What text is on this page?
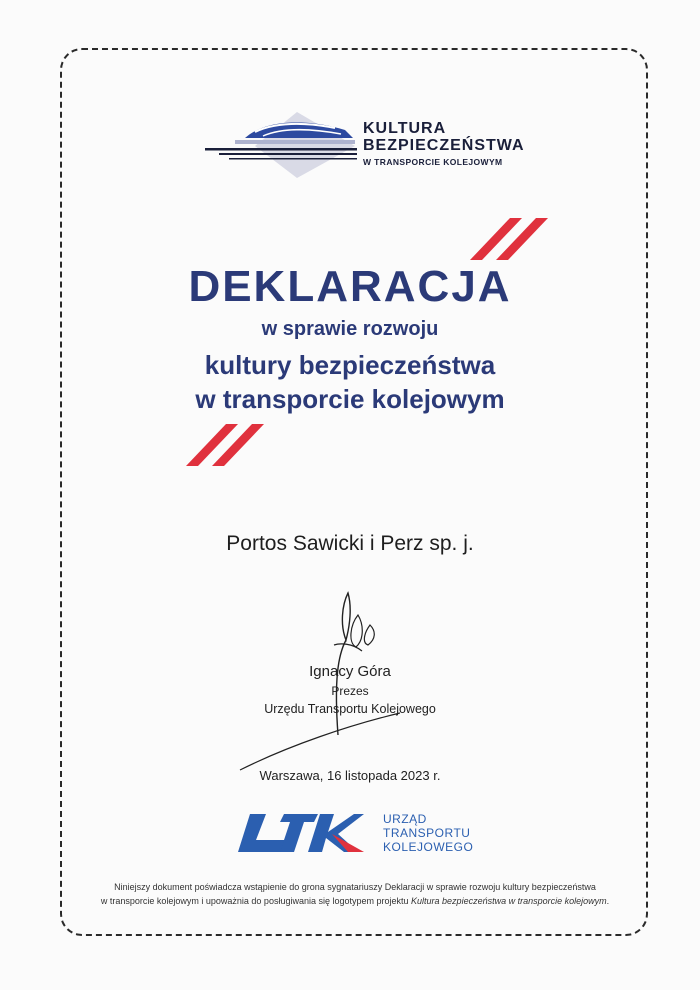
KULTURA
BEZPIECZEŃSTWA
W TRANSPORCIE KOLEJOWYM
DEKLARACJA
w sprawie rozwoju
kultury bezpieczeństwa
w transporcie kolejowym
Portos Sawicki i Perz sp. j.
Ignacy Góra
Prezes
Urzędu Transportu Kolejowego
Warszawa, 16 listopada 2023 r.
URZĄD
TRANSPORTU
KOLEJOWEGO
Niniejszy dokument poświadcza wstąpienie do grona sygnatariuszy Deklaracji w sprawie rozwoju kultury bezpieczeństwa
w transporcie kolejowym i upoważnia do posługiwania się logotypem projektu Kultura bezpieczeństwa w transporcie kolejowym.
